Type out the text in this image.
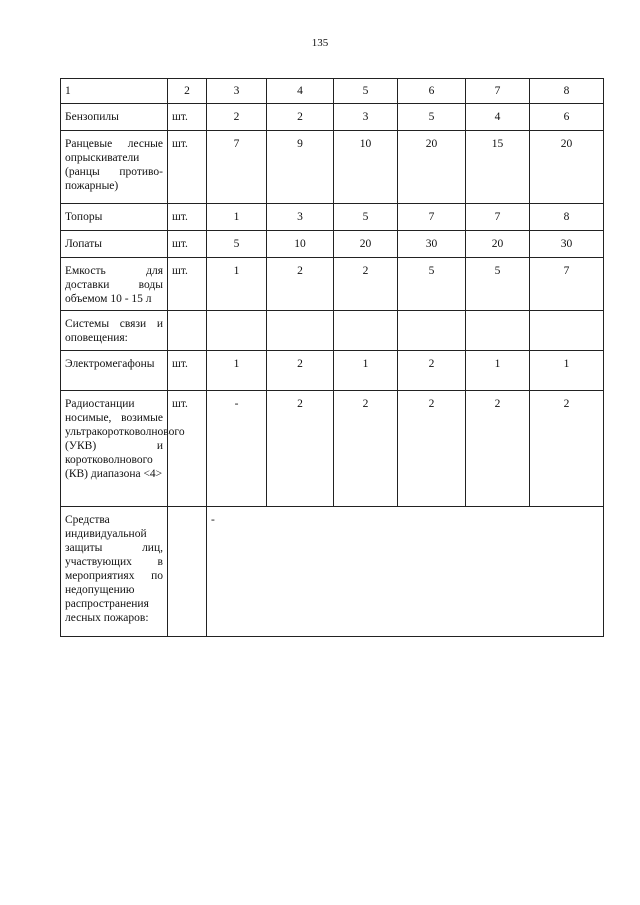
135
1	2	3	4	5	6	7	8
Бензопилы	шт.	2	2	3	5	4	6
Ранцевые лесные опрыскиватели (ранцы противо-пожарные)	шт.	7	9	10	20	15	20
Топоры	шт.	1	3	5	7	7	8
Лопаты	шт.	5	10	20	30	20	30
Емкость для доставки воды объемом 10 - 15 л	шт.	1	2	2	5	5	7
Системы связи и оповещения:							
Электромегафоны	шт.	1	2	1	2	1	1
Радиостанции носимые, возимые ультракоротковолнового (УКВ) и коротковолнового (КВ) диапазона <4>	шт.	-	2	2	2	2	2
Средства индивидуальной защиты лиц, участвующих в мероприятиях по недопущению распространения лесных пожаров:		-					
